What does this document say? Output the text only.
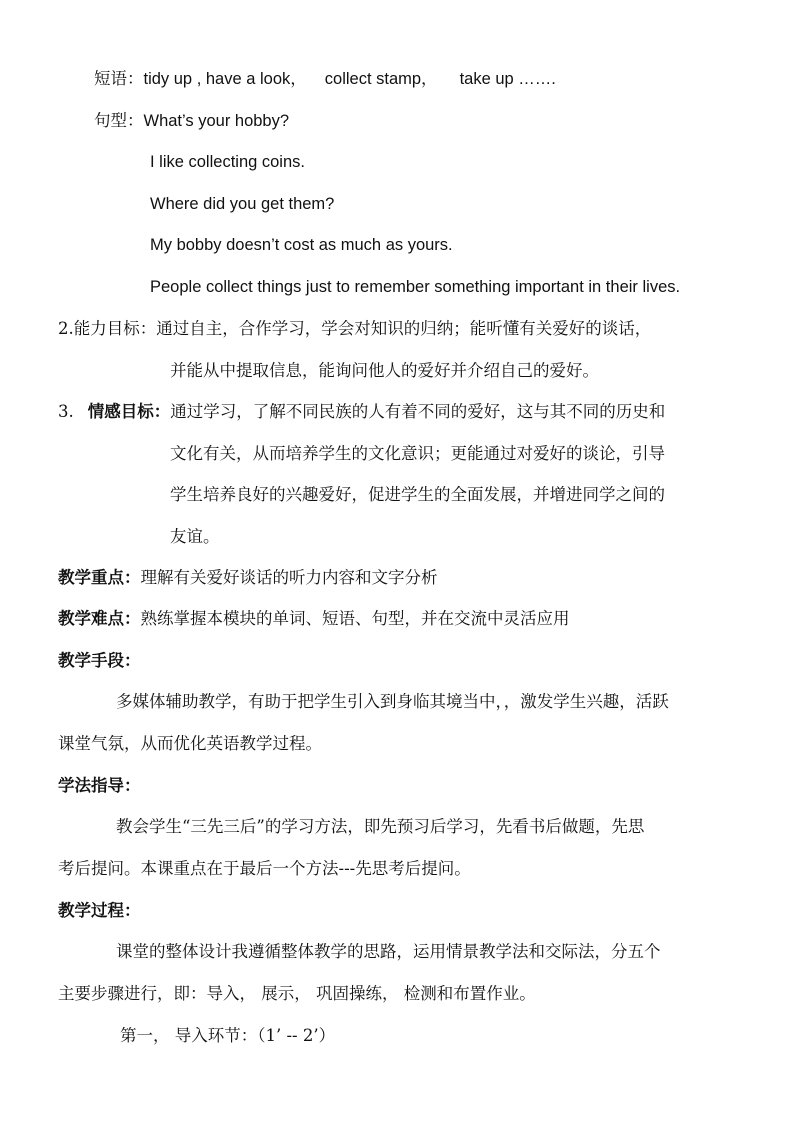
短语：tidy up , have a look， collect stamp， take up …….
句型：What’s your hobby?
I like collecting coins.
Where did you get them?
My bobby doesn’t cost as much as yours.
People collect things just to remember something important in their lives.
2.能力目标：通过自主，合作学习，学会对知识的归纳；能听懂有关爱好的谈话，
并能从中提取信息，能询问他人的爱好并介绍自己的爱好。
3. 情感目标：通过学习，了解不同民族的人有着不同的爱好，这与其不同的历史和
文化有关，从而培养学生的文化意识；更能通过对爱好的谈论，引导
学生培养良好的兴趣爱好，促进学生的全面发展，并增进同学之间的
友谊。
教学重点：理解有关爱好谈话的听力内容和文字分析
教学难点：熟练掌握本模块的单词、短语、句型，并在交流中灵活应用
教学手段：
多媒体辅助教学，有助于把学生引入到身临其境当中，，激发学生兴趣，活跃
课堂气氛，从而优化英语教学过程。
学法指导：
教会学生“三先三后”的学习方法，即先预习后学习，先看书后做题，先思
考后提问。本课重点在于最后一个方法---先思考后提问。
教学过程：
课堂的整体设计我遵循整体教学的思路，运用情景教学法和交际法，分五个
主要步骤进行，即：导入， 展示， 巩固操练， 检测和布置作业。
第一， 导入环节：（1’ -- 2’）
